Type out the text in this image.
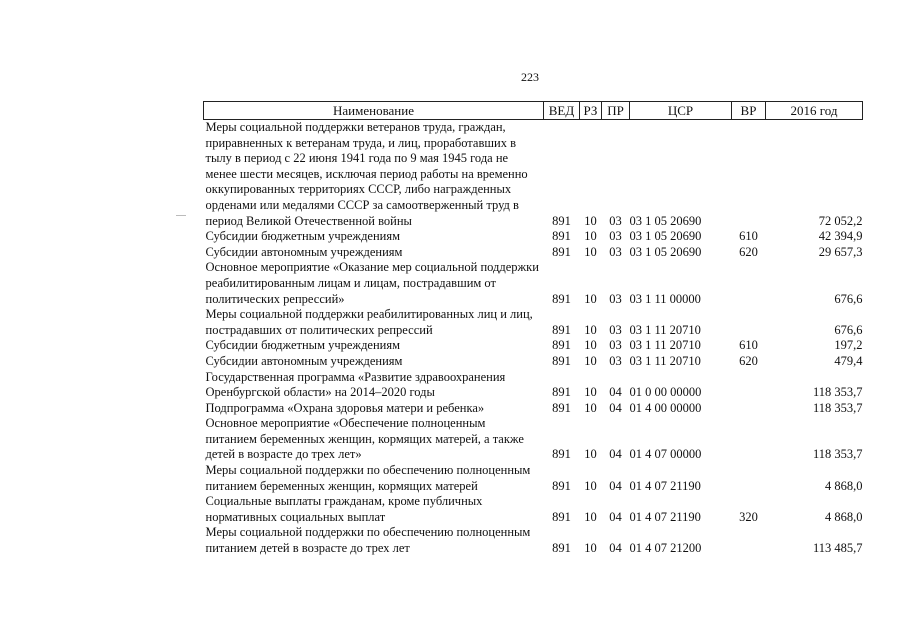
223
Наименование	ВЕД	РЗ	ПР	ЦСР	ВР	2016 год
Меры социальной поддержки ветеранов труда, граждан, приравненных к ветеранам труда, и лиц, проработавших в тылу в период с 22 июня 1941 года по 9 мая 1945 года не менее шести месяцев, исключая период работы на временно оккупированных территориях СССР, либо награжденных орденами или медалями СССР за самоотверженный труд в период Великой Отечественной войны	891	10	03	03 1 05 20690		72 052,2
Субсидии бюджетным учреждениям	891	10	03	03 1 05 20690	610	42 394,9
Субсидии автономным учреждениям	891	10	03	03 1 05 20690	620	29 657,3
Основное мероприятие «Оказание мер социальной поддержки реабилитированным лицам и лицам, пострадавшим от политических репрессий»	891	10	03	03 1 11 00000		676,6
Меры социальной поддержки реабилитированных лиц и лиц, пострадавших от политических репрессий	891	10	03	03 1 11 20710		676,6
Субсидии бюджетным учреждениям	891	10	03	03 1 11 20710	610	197,2
Субсидии автономным учреждениям	891	10	03	03 1 11 20710	620	479,4
Государственная программа «Развитие здравоохранения Оренбургской области» на 2014–2020 годы	891	10	04	01 0 00 00000		118 353,7
Подпрограмма «Охрана здоровья матери и ребенка»	891	10	04	01 4 00 00000		118 353,7
Основное мероприятие «Обеспечение полноценным питанием беременных женщин, кормящих матерей, а также детей в возрасте до трех лет»	891	10	04	01 4 07 00000		118 353,7
Меры социальной поддержки по обеспечению полноценным питанием беременных женщин, кормящих матерей	891	10	04	01 4 07 21190		4 868,0
Социальные выплаты гражданам, кроме публичных нормативных социальных выплат	891	10	04	01 4 07 21190	320	4 868,0
Меры социальной поддержки по обеспечению полноценным питанием детей в возрасте до трех лет	891	10	04	01 4 07 21200		113 485,7
